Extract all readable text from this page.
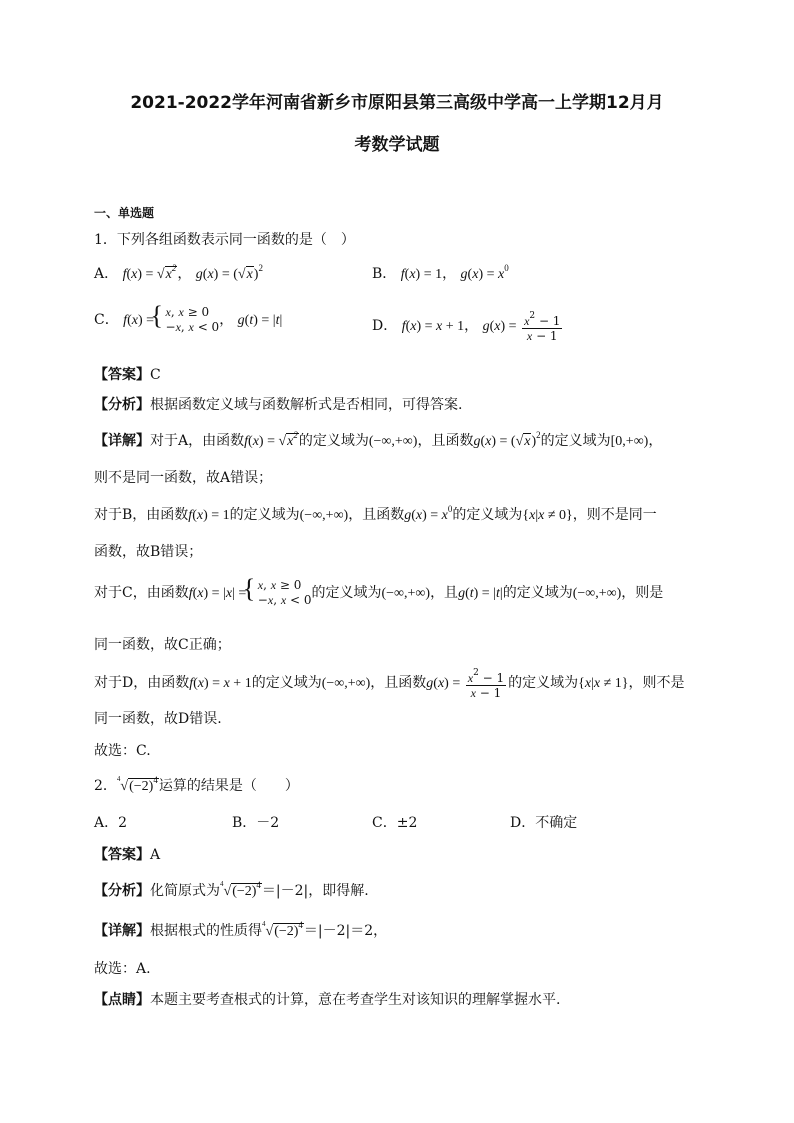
2021-2022学年河南省新乡市原阳县第三高级中学高一上学期12月月
考数学试题
一、单选题
1．下列各组函数表示同一函数的是（　）
A． $f(x) = √x^2$， $g(x) = (√x)^2$	B． f(x) = 1， $g(x) = x^0$
C． f(x) = { x, x ≥ 0
−x, x < 0， g(t) = |t|	D． f(x) = x + 1， $g(x) = \frac{x^2 - 1}{x - 1}$
【答案】C
【分析】根据函数定义域与函数解析式是否相同，可得答案.
【详解】对于A，由函数$f(x) = √x^2$的定义域为(−∞,+∞)，且函数$g(x) = (√x)^2$的定义域为[0,+∞)，
则不是同一函数，故A错误；
对于B，由函数f(x) = 1的定义域为(−∞,+∞)，且函数$g(x) = x^0$的定义域为{x|x ≠ 0}，则不是同一
函数，故B错误；
对于C，由函数f(x) = |x| = { x, x ≥ 0
−x, x < 0的定义域为(−∞,+∞)，且g(t) = |t|的定义域为(−∞,+∞)，则是
同一函数，故C正确；
对于D，由函数f(x) = x + 1的定义域为(−∞,+∞)，且函数$g(x) = \frac{x^2 - 1}{x - 1}$ 的定义域为{x|x ≠ 1}，则不是
同一函数，故D错误.
故选：C.
2．$^4√(-2)^4$运算的结果是（　　）
A．2	B．－2	C．±2	D．不确定
【答案】A
【分析】化简原式为$^4√(-2)^4=|-2|$，即得解.
【详解】根据根式的性质得$^4√(-2)^4=|-2|=2$，
故选：A.
【点睛】本题主要考查根式的计算，意在考查学生对该知识的理解掌握水平.
